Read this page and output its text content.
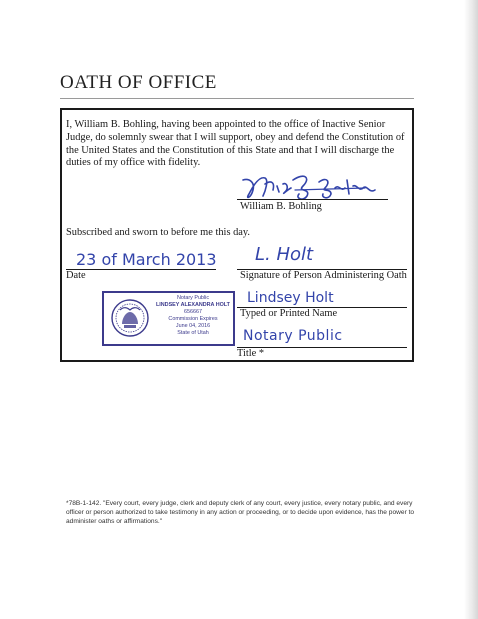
OATH OF OFFICE
I, William B. Bohling, having been appointed to the office of Inactive Senior Judge, do solemnly swear that I will support, obey and defend the Constitution of the United States and the Constitution of this State and that I will discharge the duties of my office with fidelity.
William B. Bohling
Subscribed and sworn to before me this day.
23 of March 2013
Date
L. Holt
Signature of Person Administering Oath
Lindsey Holt
Typed or Printed Name
Notary Public
Title *
Notary Public
LINDSEY ALEXANDRA HOLT
656667
Commission Expires
June 04, 2016
State of Utah
*78B-1-142. "Every court, every judge, clerk and deputy clerk of any court, every justice, every notary public, and every officer or person authorized to take testimony in any action or proceeding, or to decide upon evidence, has the power to administer oaths or affirmations."
